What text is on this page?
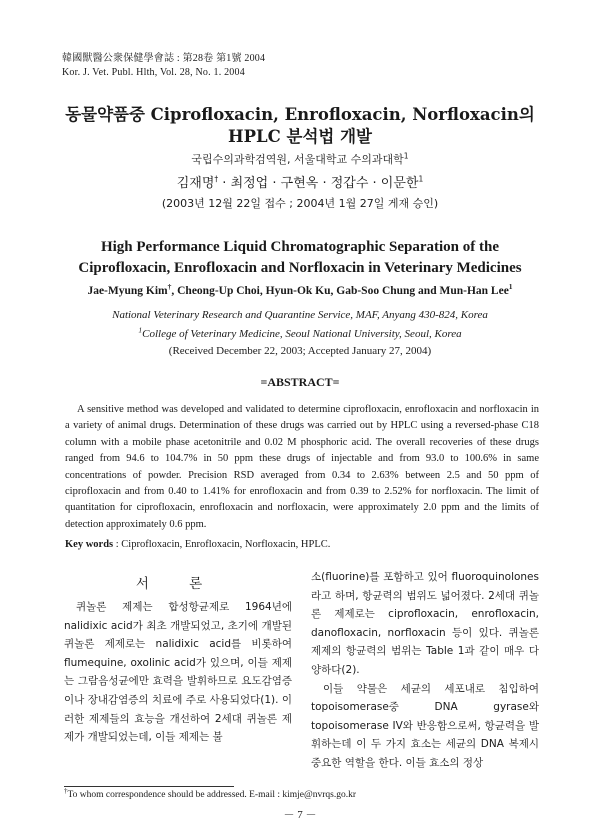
韓國獸醫公衆保健學會誌 : 第28卷 第1號 2004
Kor. J. Vet. Publ. Hlth, Vol. 28, No. 1. 2004
동물약품중 Ciprofloxacin, Enrofloxacin, Norfloxacin의
HPLC 분석법 개발
국립수의과학검역원, 서울대학교 수의과대학$^1$
김재명† · 최정업 · 구현옥 · 정갑수 · 이문한$^1$
(2003년 12월 22일 접수 ; 2004년 1월 27일 게재 승인)
High Performance Liquid Chromatographic Separation of the
Ciprofloxacin, Enrofloxacin and Norfloxacin in Veterinary Medicines
Jae-Myung Kim†, Cheong-Up Choi, Hyun-Ok Ku, Gab-Soo Chung and Mun-Han Lee$^1$
National Veterinary Research and Quarantine Service, MAF, Anyang 430-824, Korea
$^1$College of Veterinary Medicine, Seoul National University, Seoul, Korea
(Received December 22, 2003; Accepted January 27, 2004)
=ABSTRACT=
A sensitive method was developed and validated to determine ciprofloxacin, enrofloxacin and norfloxacin in a variety of animal drugs. Determination of these drugs was carried out by HPLC using a reversed-phase C18 column with a mobile phase acetonitrile and 0.02 M phosphoric acid. The overall recoveries of these drugs ranged from 94.6 to 104.7% in 50 ppm these drugs of injectable and from 93.0 to 100.6% in same concentrations of powder. Precision RSD averaged from 0.34 to 2.63% between 2.5 and 50 ppm of ciprofloxacin and from 0.40 to 1.41% for enrofloxacin and from 0.39 to 2.52% for norfloxacin. The limit of quantitation for ciprofloxacin, enrofloxacin and norfloxacin, were approximately 2.0 ppm and the limits of detection approximately 0.6 ppm.
Key words : Ciprofloxacin, Enrofloxacin, Norfloxacin, HPLC.
서 론
퀴놀론 제제는 합성항균제로 1964년에 nalidixic acid가 최초 개발되었고, 초기에 개발된 퀴놀론 제제로는 nalidixic acid를 비롯하여 flumequine, oxolinic acid가 있으며, 이들 제제는 그람음성균에만 효력을 발휘하므로 요도감염증이나 장내감염증의 치료에 주로 사용되었다(1). 이러한 제제들의 효능을 개선하여 2세대 퀴놀론 제제가 개발되었는데, 이들 제제는 불

소(fluorine)를 포함하고 있어 fluoroquinolones라고 하며, 항균력의 범위도 넓어졌다. 2세대 퀴놀론 제제로는 ciprofloxacin, enrofloxacin, danofloxacin, norfloxacin 등이 있다. 퀴놀론 제제의 항균력의 범위는 Table 1과 같이 매우 다양하다(2).

이들 약물은 세균의 세포내로 침입하여 topoisomerase중 DNA gyrase와 topoisomerase IV와 반응함으로써, 항균력을 발휘하는데 이 두 가지 효소는 세균의 DNA 복제시 중요한 역할을 한다. 이들 효소의 정상

†To whom correspondence should be addressed. E-mail : kimje@nvrqs.go.kr
－ 7 －
